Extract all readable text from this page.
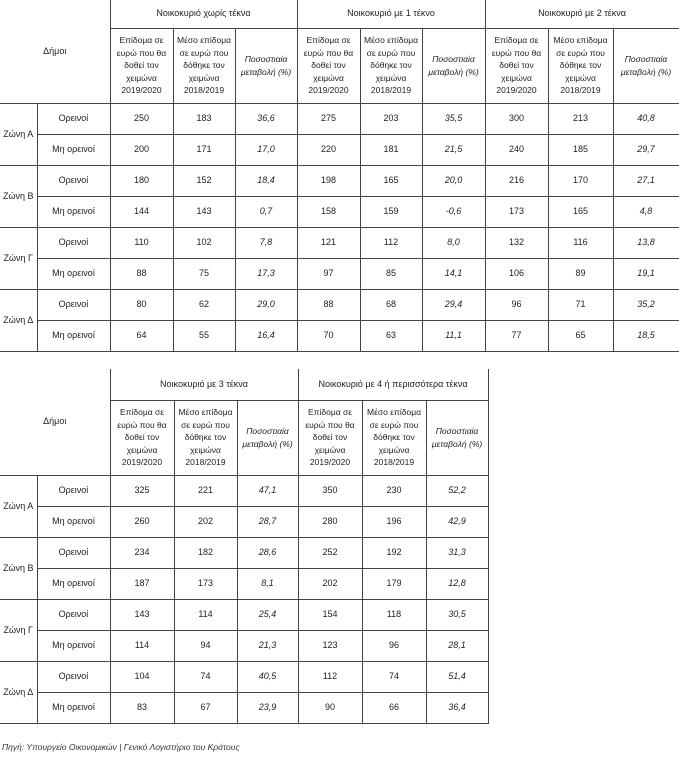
Δήμοι		Νοικοκυριό χωρίς τέκνα			Νοικοκυριό με 1 τέκνο			Νοικοκυριό με 2 τέκνα		
		Επίδομα σε ευρώ που θα δοθεί τον χειμώνα 2019/2020	Μέσο επίδομα σε ευρώ που δόθηκε τον χειμώνα 2018/2019	Ποσοστιαία μεταβολή (%)	Επίδομα σε ευρώ που θα δοθεί τον χειμώνα 2019/2020	Μέσο επίδομα σε ευρώ που δόθηκε τον χειμώνα 2018/2019	Ποσοστιαία μεταβολή (%)	Επίδομα σε ευρώ που θα δοθεί τον χειμώνα 2019/2020	Μέσο επίδομα σε ευρώ που δόθηκε τον χειμώνα 2018/2019	Ποσοστιαία μεταβολή (%)
Ζώνη Α	Ορεινοί	250	183	36,6	275	203	35,5	300	213	40,8
	Μη ορεινοί	200	171	17,0	220	181	21,5	240	185	29,7
Ζώνη Β	Ορεινοί	180	152	18,4	198	165	20,0	216	170	27,1
	Μη ορεινοί	144	143	0,7	158	159	-0,6	173	165	4,8
Ζώνη Γ	Ορεινοί	110	102	7,8	121	112	8,0	132	116	13,8
	Μη ορεινοί	88	75	17,3	97	85	14,1	106	89	19,1
Ζώνη Δ	Ορεινοί	80	62	29,0	88	68	29,4	96	71	35,2
	Μη ορεινοί	64	55	16,4	70	63	11,1	77	65	18,5
Δήμοι		Νοικοκυριό με 3 τέκνα			Νοικοκυριό με 4 ή περισσότερα τέκνα		
		Επίδομα σε ευρώ που θα δοθεί τον χειμώνα 2019/2020	Μέσο επίδομα σε ευρώ που δόθηκε τον χειμώνα 2018/2019	Ποσοστιαία μεταβολή (%)	Επίδομα σε ευρώ που θα δοθεί τον χειμώνα 2019/2020	Μέσο επίδομα σε ευρώ που δόθηκε τον χειμώνα 2018/2019	Ποσοστιαία μεταβολή (%)
Ζώνη Α	Ορεινοί	325	221	47,1	350	230	52,2
	Μη ορεινοί	260	202	28,7	280	196	42,9
Ζώνη Β	Ορεινοί	234	182	28,6	252	192	31,3
	Μη ορεινοί	187	173	8,1	202	179	12,8
Ζώνη Γ	Ορεινοί	143	114	25,4	154	118	30,5
	Μη ορεινοί	114	94	21,3	123	96	28,1
Ζώνη Δ	Ορεινοί	104	74	40,5	112	74	51,4
	Μη ορεινοί	83	67	23,9	90	66	36,4
Πηγή: Υπουργείο Οικονομικών | Γενικό Λογιστήριο του Κράτους
